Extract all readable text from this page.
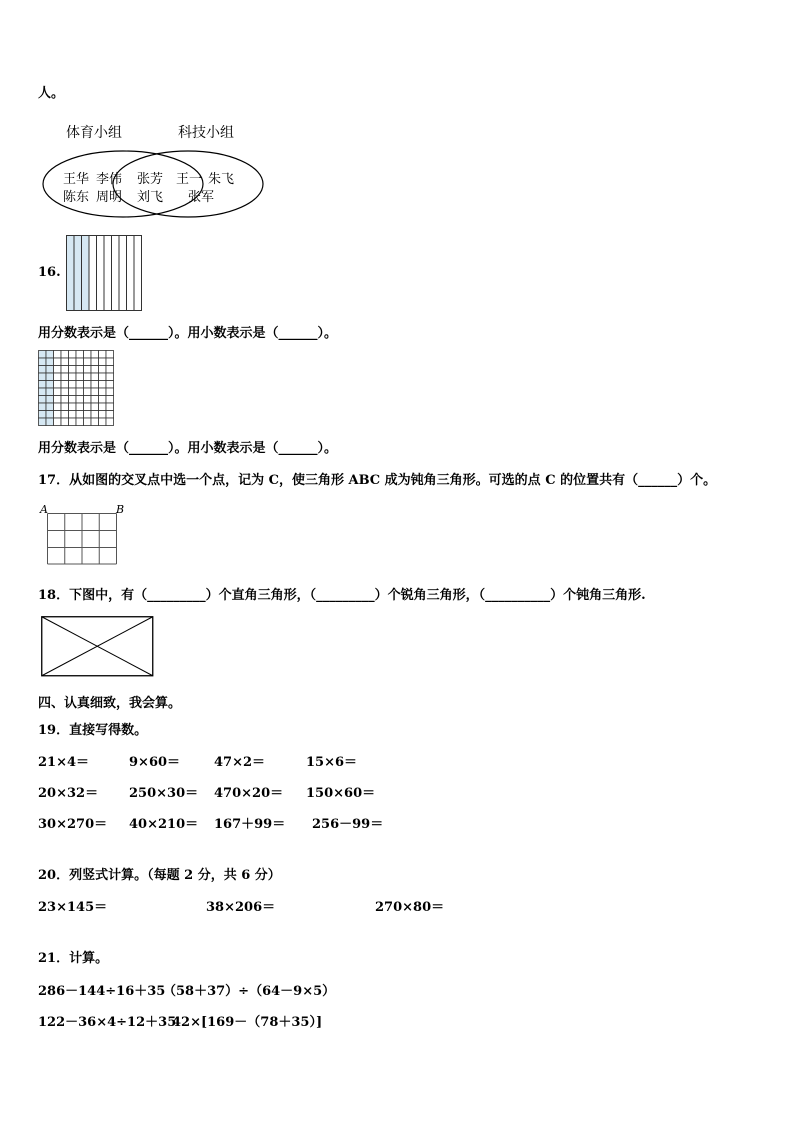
人。
体育小组	科技小组
王华 李伟
陈东 周明
张芳
刘飞
王一 朱飞
张军
16.
用分数表示是（______）。用小数表示是（______）。
用分数表示是（______）。用小数表示是（______）。
17．从如图的交叉点中选一个点，记为 C，使三角形 ABC 成为钝角三角形。可选的点 C 的位置共有（______）个。
A	B
18．下图中，有（_________）个直角三角形，（_________）个锐角三角形，（__________）个钝角三角形.
四、认真细致，我会算。
19．直接写得数。
21×4＝	9×60＝	47×2＝	15×6＝
20×32＝ 250×30＝ 470×20＝ 150×60＝
30×270＝ 40×210＝ 167＋99＝ 256－99＝
20．列竖式计算。（每题 2 分，共 6 分）
23×145＝	38×206＝	270×80＝
21．计算。
286－144÷16＋35
（58＋37）÷（64－9×5）
122－36×4÷12＋35
42×[169－（78＋35）]
